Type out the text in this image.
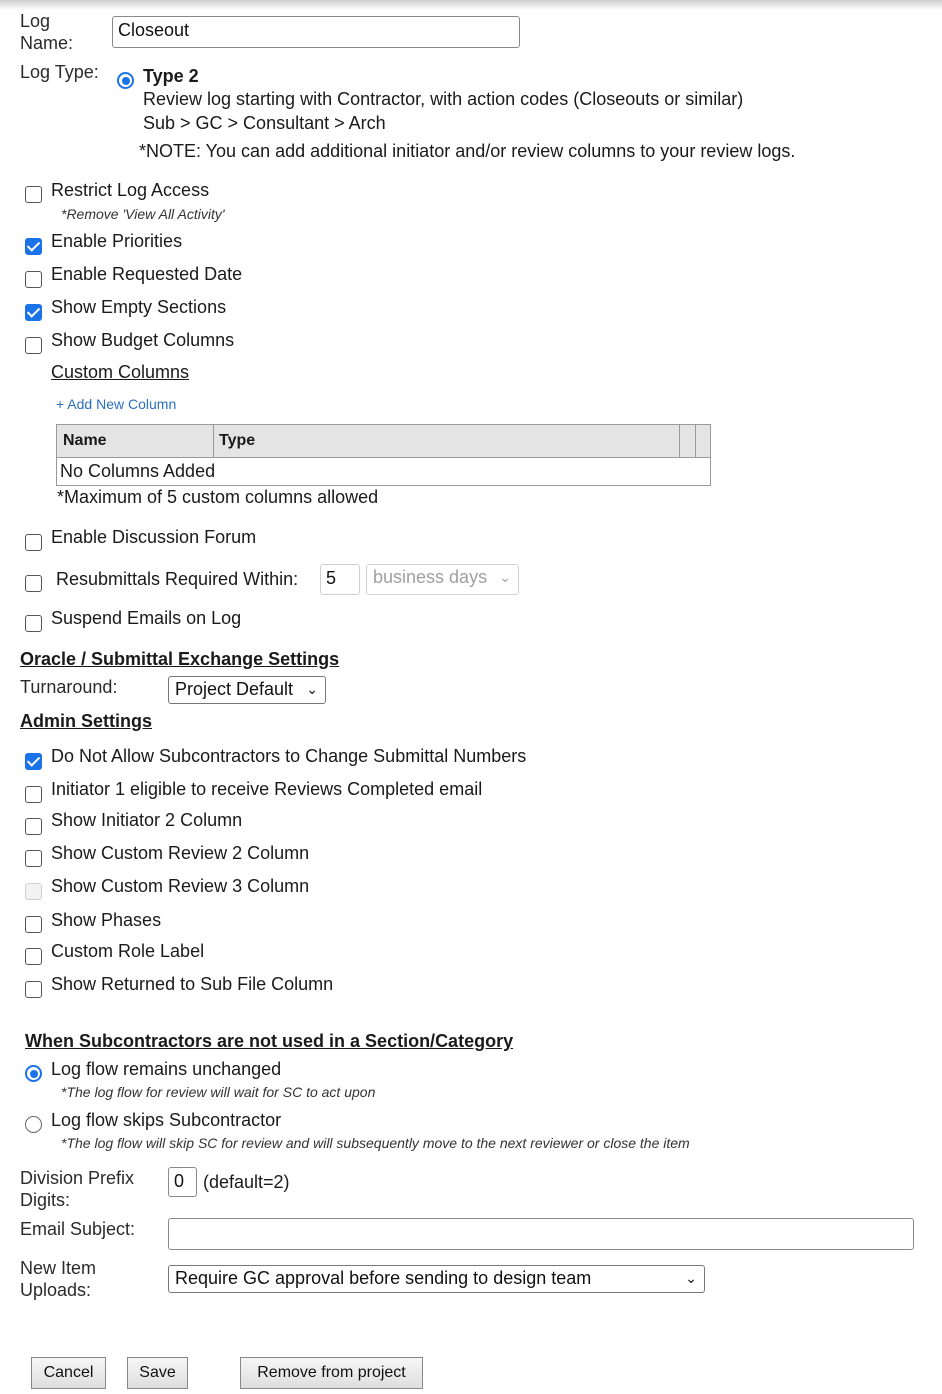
Log
Name:
Closeout
Log Type: Type 2
Review log starting with Contractor, with action codes (Closeouts or similar)
Sub > GC > Consultant > Arch
*NOTE: You can add additional initiator and/or review columns to your review logs.
Restrict Log Access
*Remove 'View All Activity'
Enable Priorities
Enable Requested Date
Show Empty Sections
Show Budget Columns
Custom Columns
+ Add New Column
Name	Type
No Columns Added
*Maximum of 5 custom columns allowed
Enable Discussion Forum
Resubmittals Required Within:	5	business days ⌄
Suspend Emails on Log
Oracle / Submittal Exchange Settings
Turnaround:	Project Default ⌄
Admin Settings
Do Not Allow Subcontractors to Change Submittal Numbers
Initiator 1 eligible to receive Reviews Completed email
Show Initiator 2 Column
Show Custom Review 2 Column
Show Custom Review 3 Column
Show Phases
Custom Role Label
Show Returned to Sub File Column
When Subcontractors are not used in a Section/Category
Log flow remains unchanged
*The log flow for review will wait for SC to act upon
Log flow skips Subcontractor
*The log flow will skip SC for review and will subsequently move to the next reviewer or close the item
Division Prefix
Digits:
0	(default=2)
Email Subject:
New Item
Uploads:
Require GC approval before sending to design team	⌄
Cancel	Save	Remove from project
